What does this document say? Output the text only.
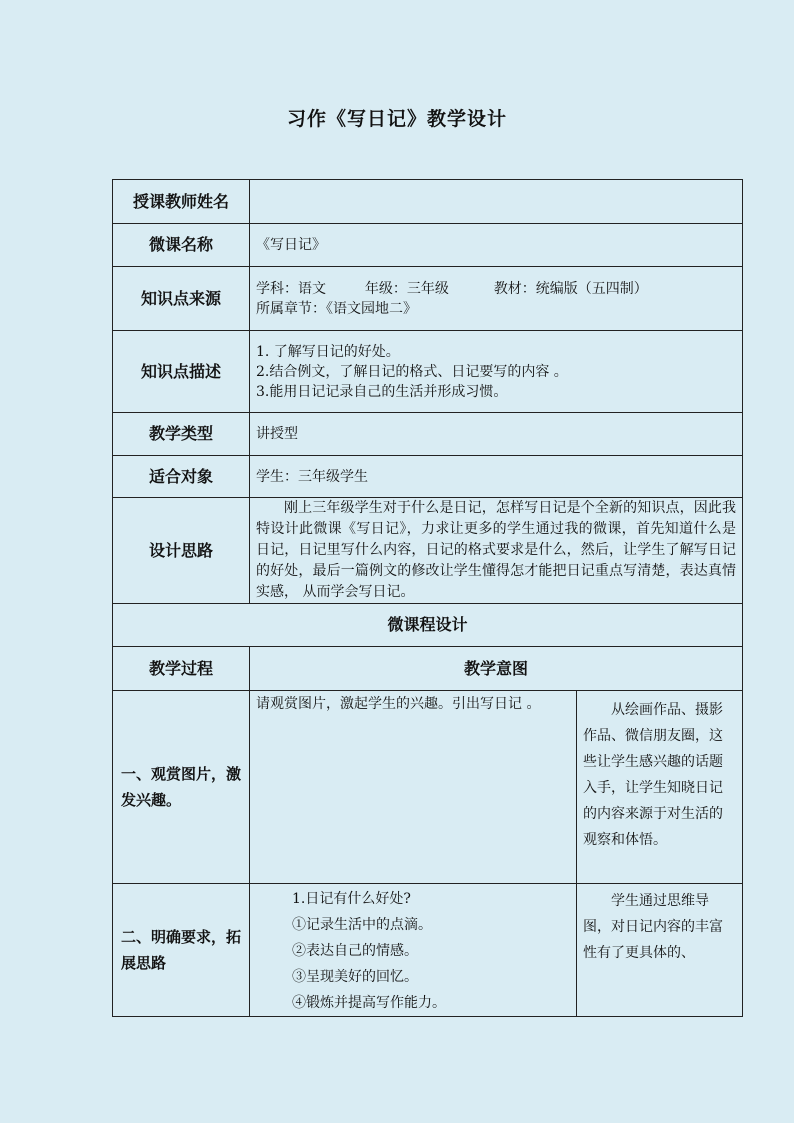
习作《写日记》教学设计
授课教师姓名		
微课名称	《写日记》	
知识点来源	学科：语文 年级：三年级 教材：统编版（五四制）
所属章节：《语文园地二》	

知识点描述	1. 了解写日记的好处。
2.结合例文，了解日记的格式、日记要写的内容 。
3.能用日记记录自己的生活并形成习惯。	

教学类型	讲授型	
适合对象	学生：三年级学生	
设计思路	刚上三年级学生对于什么是日记，怎样写日记是个全新的知识点，因此我特设计此微课《写日记》，力求让更多的学生通过我的微课，首先知道什么是日记，日记里写什么内容，日记的格式要求是什么，然后，让学生了解写日记的好处，最后一篇例文的修改让学生懂得怎才能把日记重点写清楚，表达真情实感， 从而学会写日记。	
微课程设计		
教学过程	教学意图	
一、观赏图片，激发兴趣。	请观赏图片，激起学生的兴趣。引出写日记 。	从绘画作品、摄影作品、微信朋友圈，这些让学生感兴趣的话题入手，让学生知晓日记的内容来源于对生活的观察和体悟。
二、明确要求，拓展思路	1.日记有什么好处?
①记录生活中的点滴。
②表达自己的情感。
③呈现美好的回忆。
④锻炼并提高写作能力。	学生通过思维导图，对日记内容的丰富性有了更具体的、
